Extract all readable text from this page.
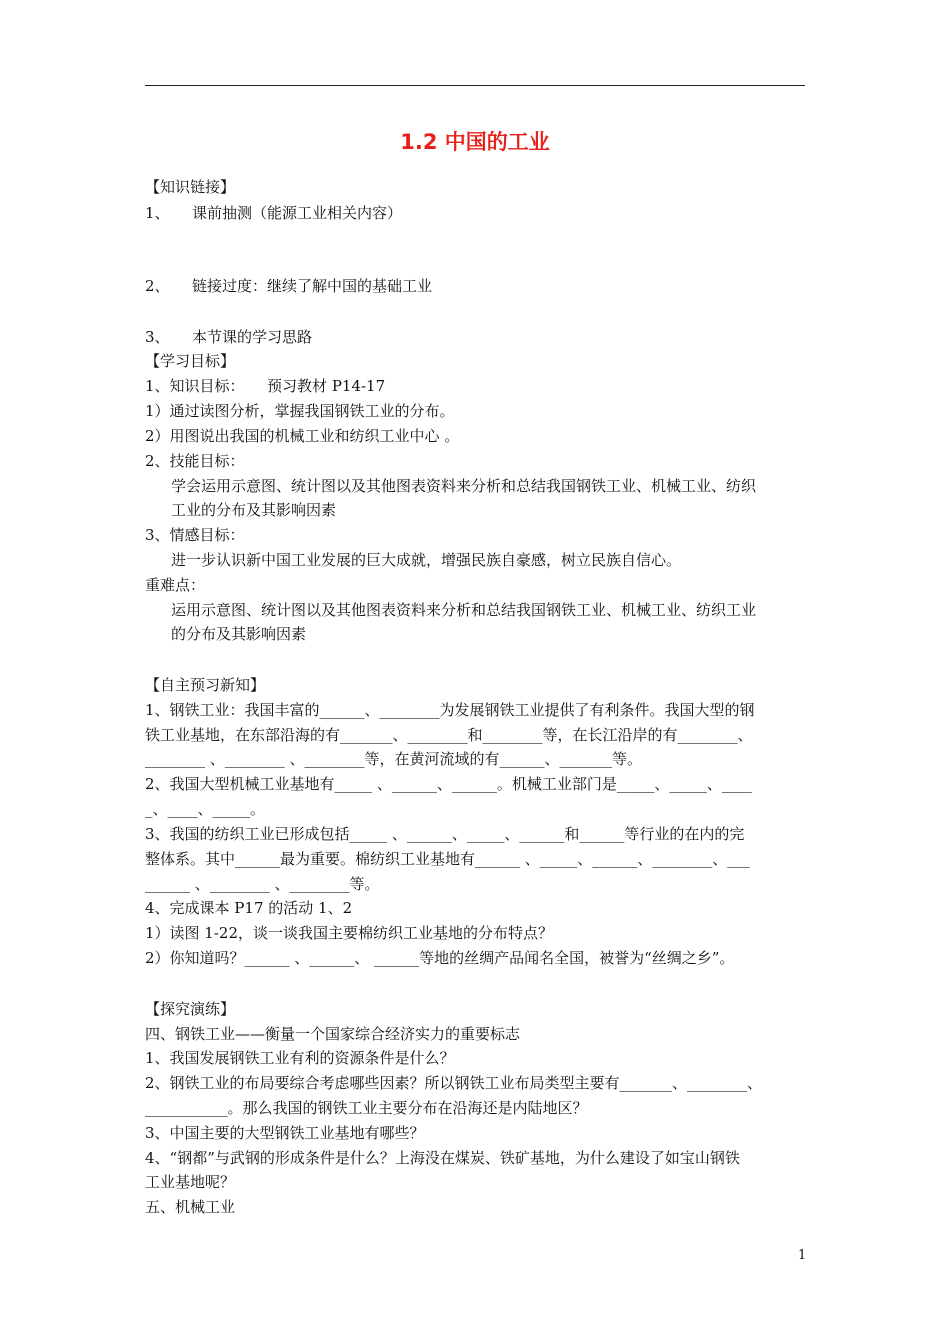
1.2 中国的工业
【知识链接】
1、　　课前抽测（能源工业相关内容）
2、　　链接过度：继续了解中国的基础工业
3、　　本节课的学习思路
【学习目标】
1、知识目标：　　预习教材 P14-17
1）通过读图分析，掌握我国钢铁工业的分布。
2）用图说出我国的机械工业和纺织工业中心 。
2、技能目标：
学会运用示意图、统计图以及其他图表资料来分析和总结我国钢铁工业、机械工业、纺织
工业的分布及其影响因素
3、情感目标：
进一步认识新中国工业发展的巨大成就，增强民族自豪感，树立民族自信心。
重难点：
运用示意图、统计图以及其他图表资料来分析和总结我国钢铁工业、机械工业、纺织工业
的分布及其影响因素
【自主预习新知】
1、钢铁工业：我国丰富的______、________为发展钢铁工业提供了有利条件。我国大型的钢
铁工业基地，在东部沿海的有_______、________和________等，在长江沿岸的有________、
________ 、________ 、________等，在黄河流域的有______、_______等。
2、我国大型机械工业基地有_____ 、______、______。机械工业部门是_____、_____、____
_、____、_____。
3、我国的纺织工业已形成包括_____ 、______、_____、______和______等行业的在内的完
整体系。其中______最为重要。棉纺织工业基地有______ 、_____、______、________、___
______ 、________ 、________等。
4、完成课本 P17 的活动 1、2
1）读图 1-22，谈一谈我国主要棉纺织工业基地的分布特点？
2）你知道吗？______ 、______、 ______等地的丝绸产品闻名全国，被誉为“丝绸之乡”。
【探究演练】
四、钢铁工业——衡量一个国家综合经济实力的重要标志
1、我国发展钢铁工业有利的资源条件是什么？
2、钢铁工业的布局要综合考虑哪些因素？所以钢铁工业布局类型主要有_______、________、
___________。那么我国的钢铁工业主要分布在沿海还是内陆地区？
3、中国主要的大型钢铁工业基地有哪些？
4、“钢都”与武钢的形成条件是什么？上海没在煤炭、铁矿基地，为什么建设了如宝山钢铁
工业基地呢？
五、机械工业
1
